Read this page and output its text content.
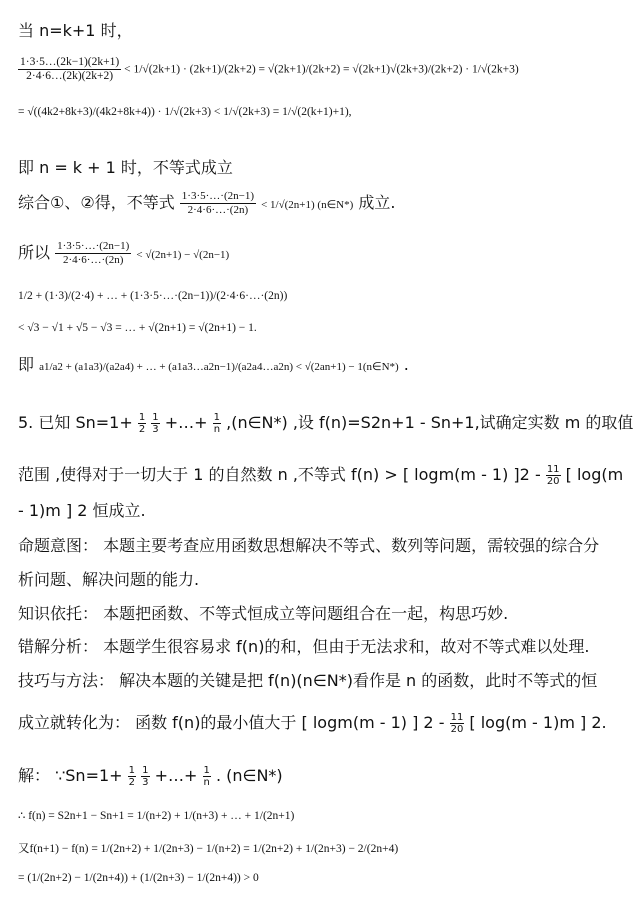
当 n=k+1 时，
$\frac{1\cdot 3\cdot 5\dots(2k-1)(2k+1)}{2\cdot 4\cdot 6\dots(2k)(2k+2)} < 1/√(2k+1) \cdot (2k+1)/(2k+2) = √(2k+1)/(2k+2) = √(2k+1)√(2k+3)/(2k+2) \cdot 1/√(2k+3)$
= √((4k2+8k+3)/(4k2+8k+4)) · 1/√(2k+3) < 1/√(2k+3) = 1/√(2(k+1)+1),
即 n = k + 1 时，不等式成立
综合①、②得，不等式 $\frac{1\cdot 3\cdot 5\cdot\dots\cdot(2n-1)}{2\cdot 4\cdot 6\cdot\dots\cdot(2n)} < 1/√(2n+1)$ (n∈N*) 成立.
所以 $\frac{1\cdot 3\cdot 5\cdot\dots\cdot(2n-1)}{2\cdot 4\cdot 6\cdot\dots\cdot(2n)} < √(2n+1) - √(2n-1)$
1/2 + (1·3)/(2·4) + … + (1·3·5·…·(2n−1))/(2·4·6·…·(2n))
< √3 − √1 + √5 − √3 = … + √(2n+1) = √(2n+1) − 1.
即 a1/a2 + (a1a3)/(a2a4) + … + (a1a3…a2n−1)/(a2a4…a2n) < √(2an+1) − 1(n∈N*) .
5. 已知 $Sn=1+ \frac{1}{2}$
$\frac{1}{3}$ +…+ $\frac{1}{n}$ ,(n∈N*) ,设 f(n)=S2n+1 - Sn+1,试确定实数 m 的取值
范围 ,使得对于一切大于 1 的自然数 n ,不等式 f(n) > [ logm(m - 1) ]$2 - \frac{11}{20}$ [ log(m
- 1)m ] 2 恒成立.
命题意图： 本题主要考查应用函数思想解决不等式、数列等问题，需较强的综合分
析问题、解决问题的能力.
知识依托： 本题把函数、不等式恒成立等问题组合在一起，构思巧妙.
错解分析： 本题学生很容易求 f(n)的和，但由于无法求和，故对不等式难以处理.
技巧与方法： 解决本题的关键是把 f(n)(n∈N*)看作是 n 的函数，此时不等式的恒
成立就转化为： 函数 f(n)的最小值大于 [ logm(m - 1) ] $2 - \frac{11}{20}$ [ log(m - 1)m ] 2.
解： ∵Sn=1+ $\frac{1}{2}$
$\frac{1}{3}$ +…+ $\frac{1}{n}$ . (n∈N*)
∴ f(n) = S2n+1 − Sn+1 = 1/(n+2) + 1/(n+3) + … + 1/(2n+1)
又f(n+1) − f(n) = 1/(2n+2) + 1/(2n+3) − 1/(n+2) = 1/(2n+2) + 1/(2n+3) − 2/(2n+4)
= (1/(2n+2) − 1/(2n+4)) + (1/(2n+3) − 1/(2n+4)) > 0
